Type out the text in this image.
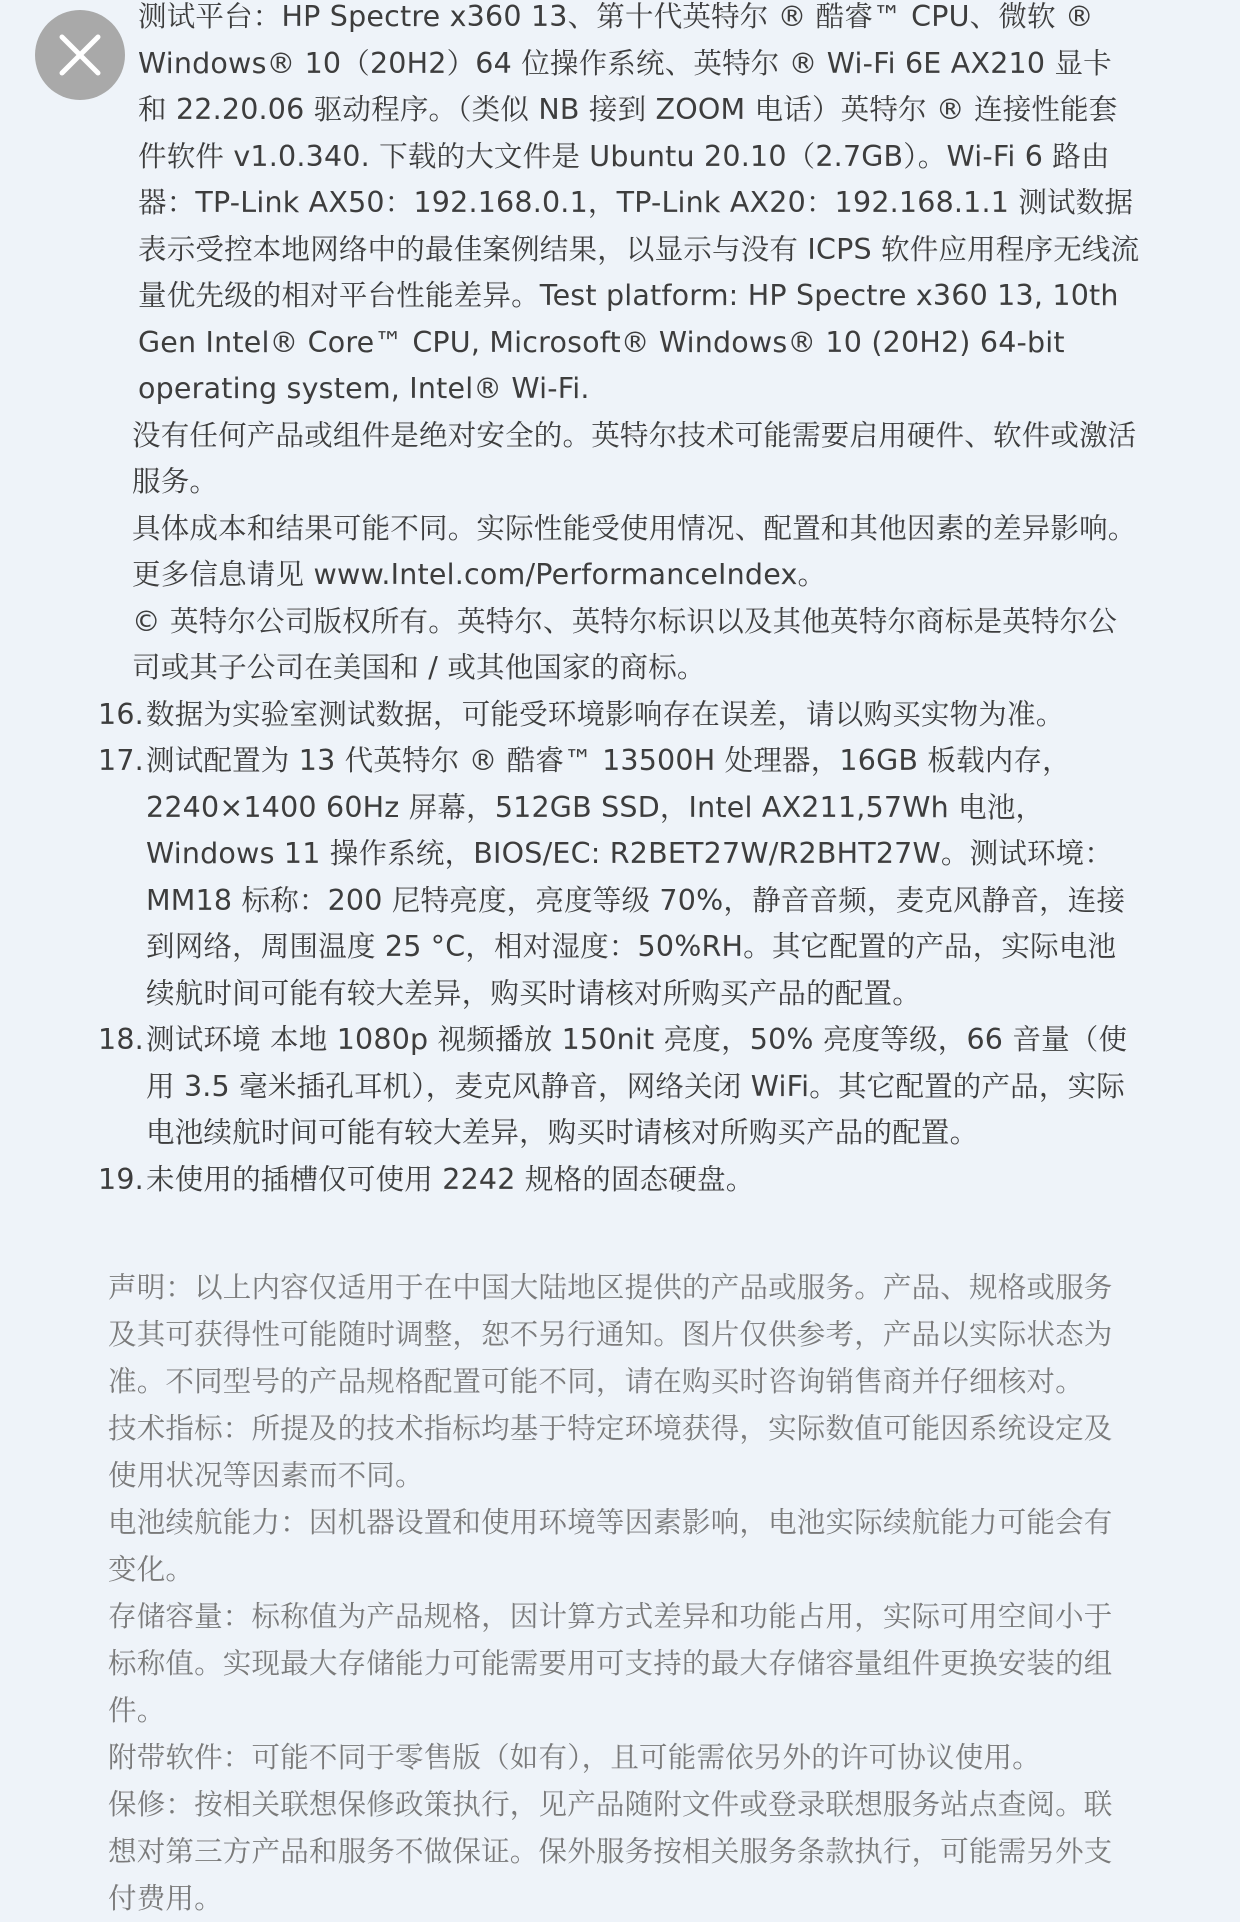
测试平台：HP Spectre x360 13、第十代英特尔 ® 酷睿™ CPU、微软 ® Windows® 10（20H2）64 位操作系统、英特尔 ® Wi-Fi 6E AX210 显卡和 22.20.06 驱动程序。（类似 NB 接到 ZOOM 电话）英特尔 ® 连接性能套件软件 v1.0.340. 下载的大文件是 Ubuntu 20.10（2.7GB）。Wi-Fi 6 路由器：TP-Link AX50：192.168.0.1，TP-Link AX20：192.168.1.1 测试数据表示受控本地网络中的最佳案例结果，以显示与没有 ICPS 软件应用程序无线流量优先级的相对平台性能差异。Test platform: HP Spectre x360 13, 10th Gen Intel® Core™ CPU, Microsoft® Windows® 10 (20H2) 64-bit operating system, Intel® Wi-Fi.
没有任何产品或组件是绝对安全的。英特尔技术可能需要启用硬件、软件或激活服务。
具体成本和结果可能不同。实际性能受使用情况、配置和其他因素的差异影响。更多信息请见 www.Intel.com/PerformanceIndex。
© 英特尔公司版权所有。英特尔、英特尔标识以及其他英特尔商标是英特尔公司或其子公司在美国和 / 或其他国家的商标。
16. 数据为实验室测试数据，可能受环境影响存在误差，请以购买实物为准。
17. 测试配置为 13 代英特尔 ® 酷睿™ 13500H 处理器，16GB 板载内存，2240×1400 60Hz 屏幕，512GB SSD，Intel AX211,57Wh 电池，Windows 11 操作系统，BIOS/EC: R2BET27W/R2BHT27W。测试环境：MM18 标称：200 尼特亮度，亮度等级 70%，静音音频，麦克风静音，连接到网络，周围温度 25 °C，相对湿度：50%RH。其它配置的产品，实际电池续航时间可能有较大差异，购买时请核对所购买产品的配置。
18. 测试环境 本地 1080p 视频播放 150nit 亮度，50% 亮度等级，66 音量（使用 3.5 毫米插孔耳机），麦克风静音，网络关闭 WiFi。其它配置的产品，实际电池续航时间可能有较大差异，购买时请核对所购买产品的配置。
19. 未使用的插槽仅可使用 2242 规格的固态硬盘。
声明：以上内容仅适用于在中国大陆地区提供的产品或服务。产品、规格或服务及其可获得性可能随时调整，恕不另行通知。图片仅供参考，产品以实际状态为准。不同型号的产品规格配置可能不同，请在购买时咨询销售商并仔细核对。
技术指标：所提及的技术指标均基于特定环境获得，实际数值可能因系统设定及使用状况等因素而不同。
电池续航能力：因机器设置和使用环境等因素影响，电池实际续航能力可能会有变化。
存储容量：标称值为产品规格，因计算方式差异和功能占用，实际可用空间小于标称值。实现最大存储能力可能需要用可支持的最大存储容量组件更换安装的组件。
附带软件：可能不同于零售版（如有），且可能需依另外的许可协议使用。
保修：按相关联想保修政策执行，见产品随附文件或登录联想服务站点查阅。联想对第三方产品和服务不做保证。保外服务按相关服务条款执行，可能需另外支付费用。
